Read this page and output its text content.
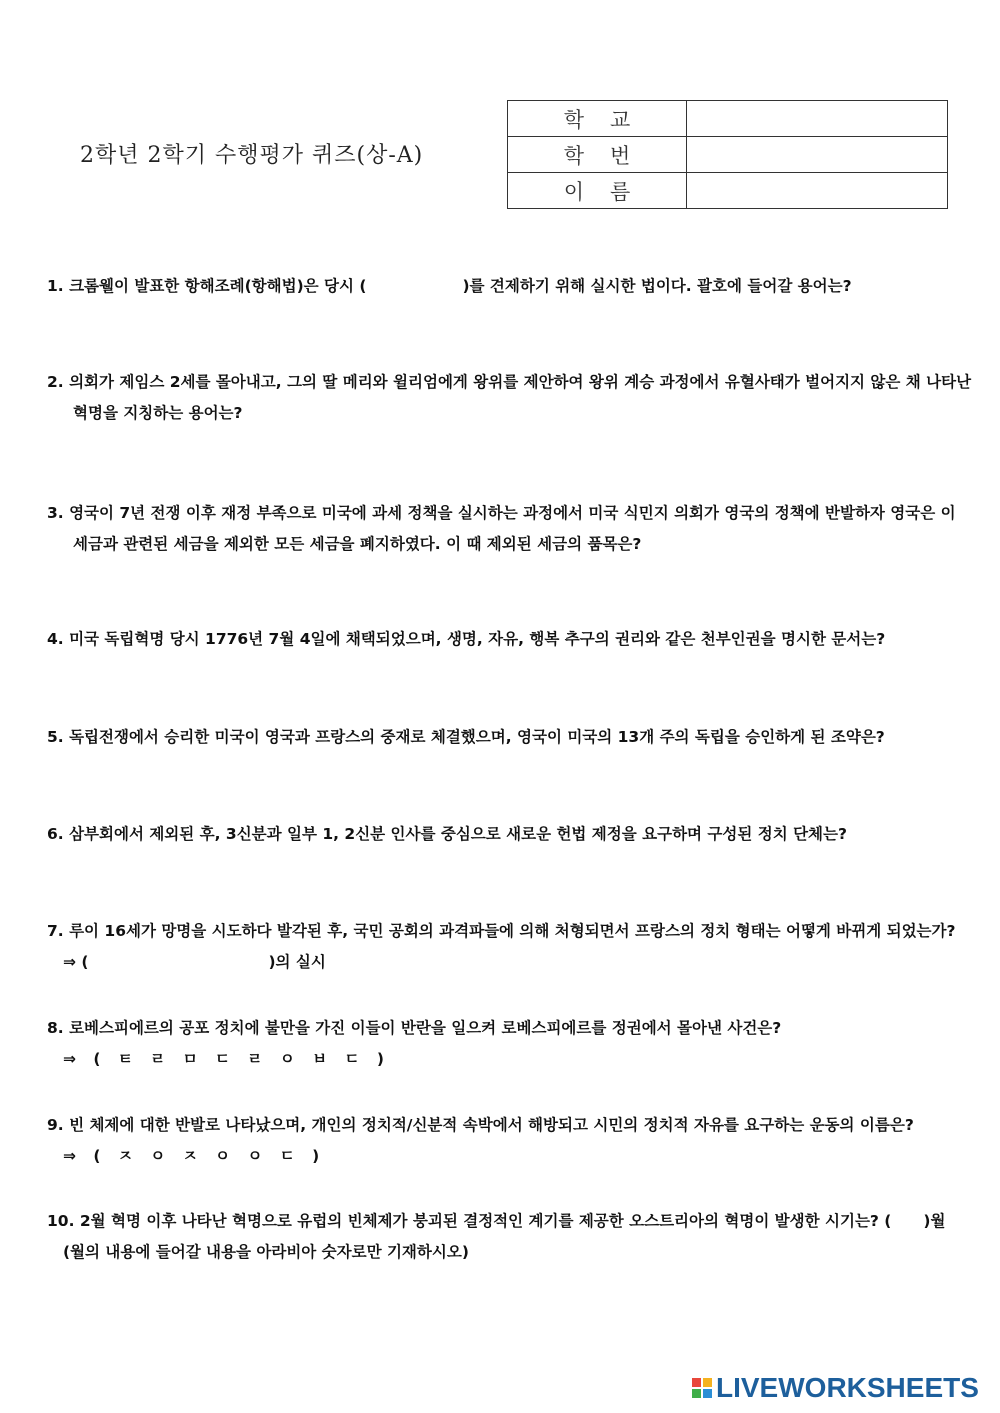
2학년 2학기 수행평가 퀴즈(상-A)
학 교	
학 번	
이 름	
1. 크롬웰이 발표한 항해조례(항해법)은 당시 (	)를 견제하기 위해 실시한 법이다. 괄호에 들어갈 용어는?
2. 의회가 제임스 2세를 몰아내고, 그의 딸 메리와 윌리엄에게 왕위를 제안하여 왕위 계승 과정에서 유혈사태가 벌어지지 않은 채 나타난
혁명을 지칭하는 용어는?
3. 영국이 7년 전쟁 이후 재정 부족으로 미국에 과세 정책을 실시하는 과정에서 미국 식민지 의회가 영국의 정책에 반발하자 영국은 이
세금과 관련된 세금을 제외한 모든 세금을 폐지하였다. 이 때 제외된 세금의 품목은?
4. 미국 독립혁명 당시 1776년 7월 4일에 채택되었으며, 생명, 자유, 행복 추구의 권리와 같은 천부인권을 명시한 문서는?
5. 독립전쟁에서 승리한 미국이 영국과 프랑스의 중재로 체결했으며, 영국이 미국의 13개 주의 독립을 승인하게 된 조약은?
6. 삼부회에서 제외된 후, 3신분과 일부 1, 2신분 인사를 중심으로 새로운 헌법 제정을 요구하며 구성된 정치 단체는?
7. 루이 16세가 망명을 시도하다 발각된 후, 국민 공회의 과격파들에 의해 처형되면서 프랑스의 정치 형태는 어떻게 바뀌게 되었는가?
⇒ (	)의 실시
8. 로베스피에르의 공포 정치에 불만을 가진 이들이 반란을 일으켜 로베스피에르를 정권에서 몰아낸 사건은?
⇒ ( ㅌ ㄹ ㅁ ㄷ ㄹ ㅇ ㅂ ㄷ )
9. 빈 체제에 대한 반발로 나타났으며, 개인의 정치적/신분적 속박에서 해방되고 시민의 정치적 자유를 요구하는 운동의 이름은?
⇒ ( ㅈ ㅇ ㅈ ㅇ ㅇ ㄷ )
10. 2월 혁명 이후 나타난 혁명으로 유럽의 빈체제가 붕괴된 결정적인 계기를 제공한 오스트리아의 혁명이 발생한 시기는? ( )월
(월의 내용에 들어갈 내용을 아라비아 숫자로만 기재하시오)
LIVEWORKSHEETS
